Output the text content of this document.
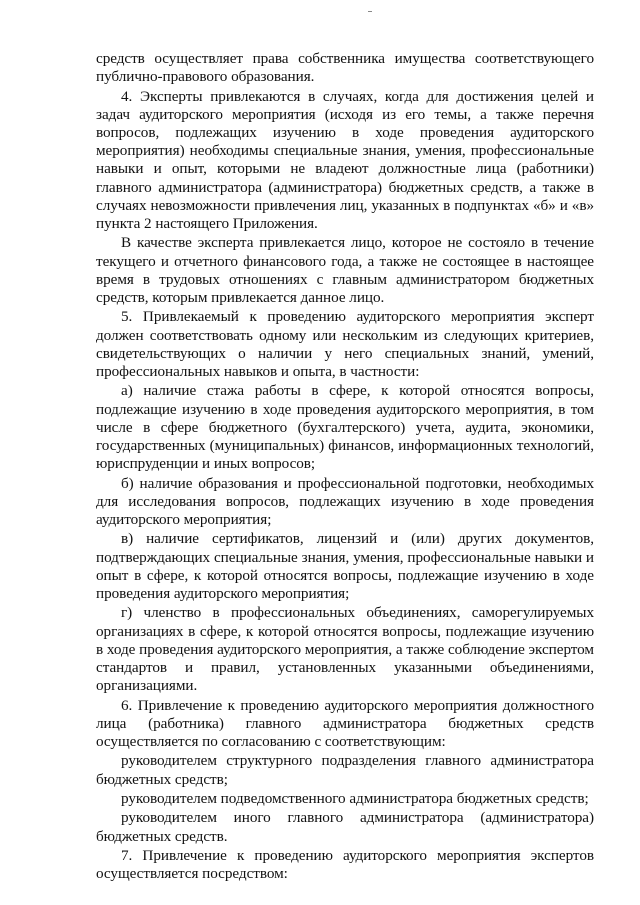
средств осуществляет права собственника имущества соответствующего публично-правового образования.

4. Эксперты привлекаются в случаях, когда для достижения целей и задач аудиторского мероприятия (исходя из его темы, а также перечня вопросов, подлежащих изучению в ходе проведения аудиторского мероприятия) необходимы специальные знания, умения, профессиональные навыки и опыт, которыми не владеют должностные лица (работники) главного администратора (администратора) бюджетных средств, а также в случаях невозможности привлечения лиц, указанных в подпунктах «б» и «в» пункта 2 настоящего Приложения.

В качестве эксперта привлекается лицо, которое не состояло в течение текущего и отчетного финансового года, а также не состоящее в настоящее время в трудовых отношениях с главным администратором бюджетных средств, которым привлекается данное лицо.

5. Привлекаемый к проведению аудиторского мероприятия эксперт должен соответствовать одному или нескольким из следующих критериев, свидетельствующих о наличии у него специальных знаний, умений, профессиональных навыков и опыта, в частности:

а) наличие стажа работы в сфере, к которой относятся вопросы, подлежащие изучению в ходе проведения аудиторского мероприятия, в том числе в сфере бюджетного (бухгалтерского) учета, аудита, экономики, государственных (муниципальных) финансов, информационных технологий, юриспруденции и иных вопросов;

б) наличие образования и профессиональной подготовки, необходимых для исследования вопросов, подлежащих изучению в ходе проведения аудиторского мероприятия;

в) наличие сертификатов, лицензий и (или) других документов, подтверждающих специальные знания, умения, профессиональные навыки и опыт в сфере, к которой относятся вопросы, подлежащие изучению в ходе проведения аудиторского мероприятия;

г) членство в профессиональных объединениях, саморегулируемых организациях в сфере, к которой относятся вопросы, подлежащие изучению в ходе проведения аудиторского мероприятия, а также соблюдение экспертом стандартов и правил, установленных указанными объединениями, организациями.

6. Привлечение к проведению аудиторского мероприятия должностного лица (работника) главного администратора бюджетных средств осуществляется по согласованию с соответствующим:

руководителем структурного подразделения главного администратора бюджетных средств;

руководителем подведомственного администратора бюджетных средств;

руководителем иного главного администратора (администратора) бюджетных средств.

7. Привлечение к проведению аудиторского мероприятия экспертов осуществляется посредством:
